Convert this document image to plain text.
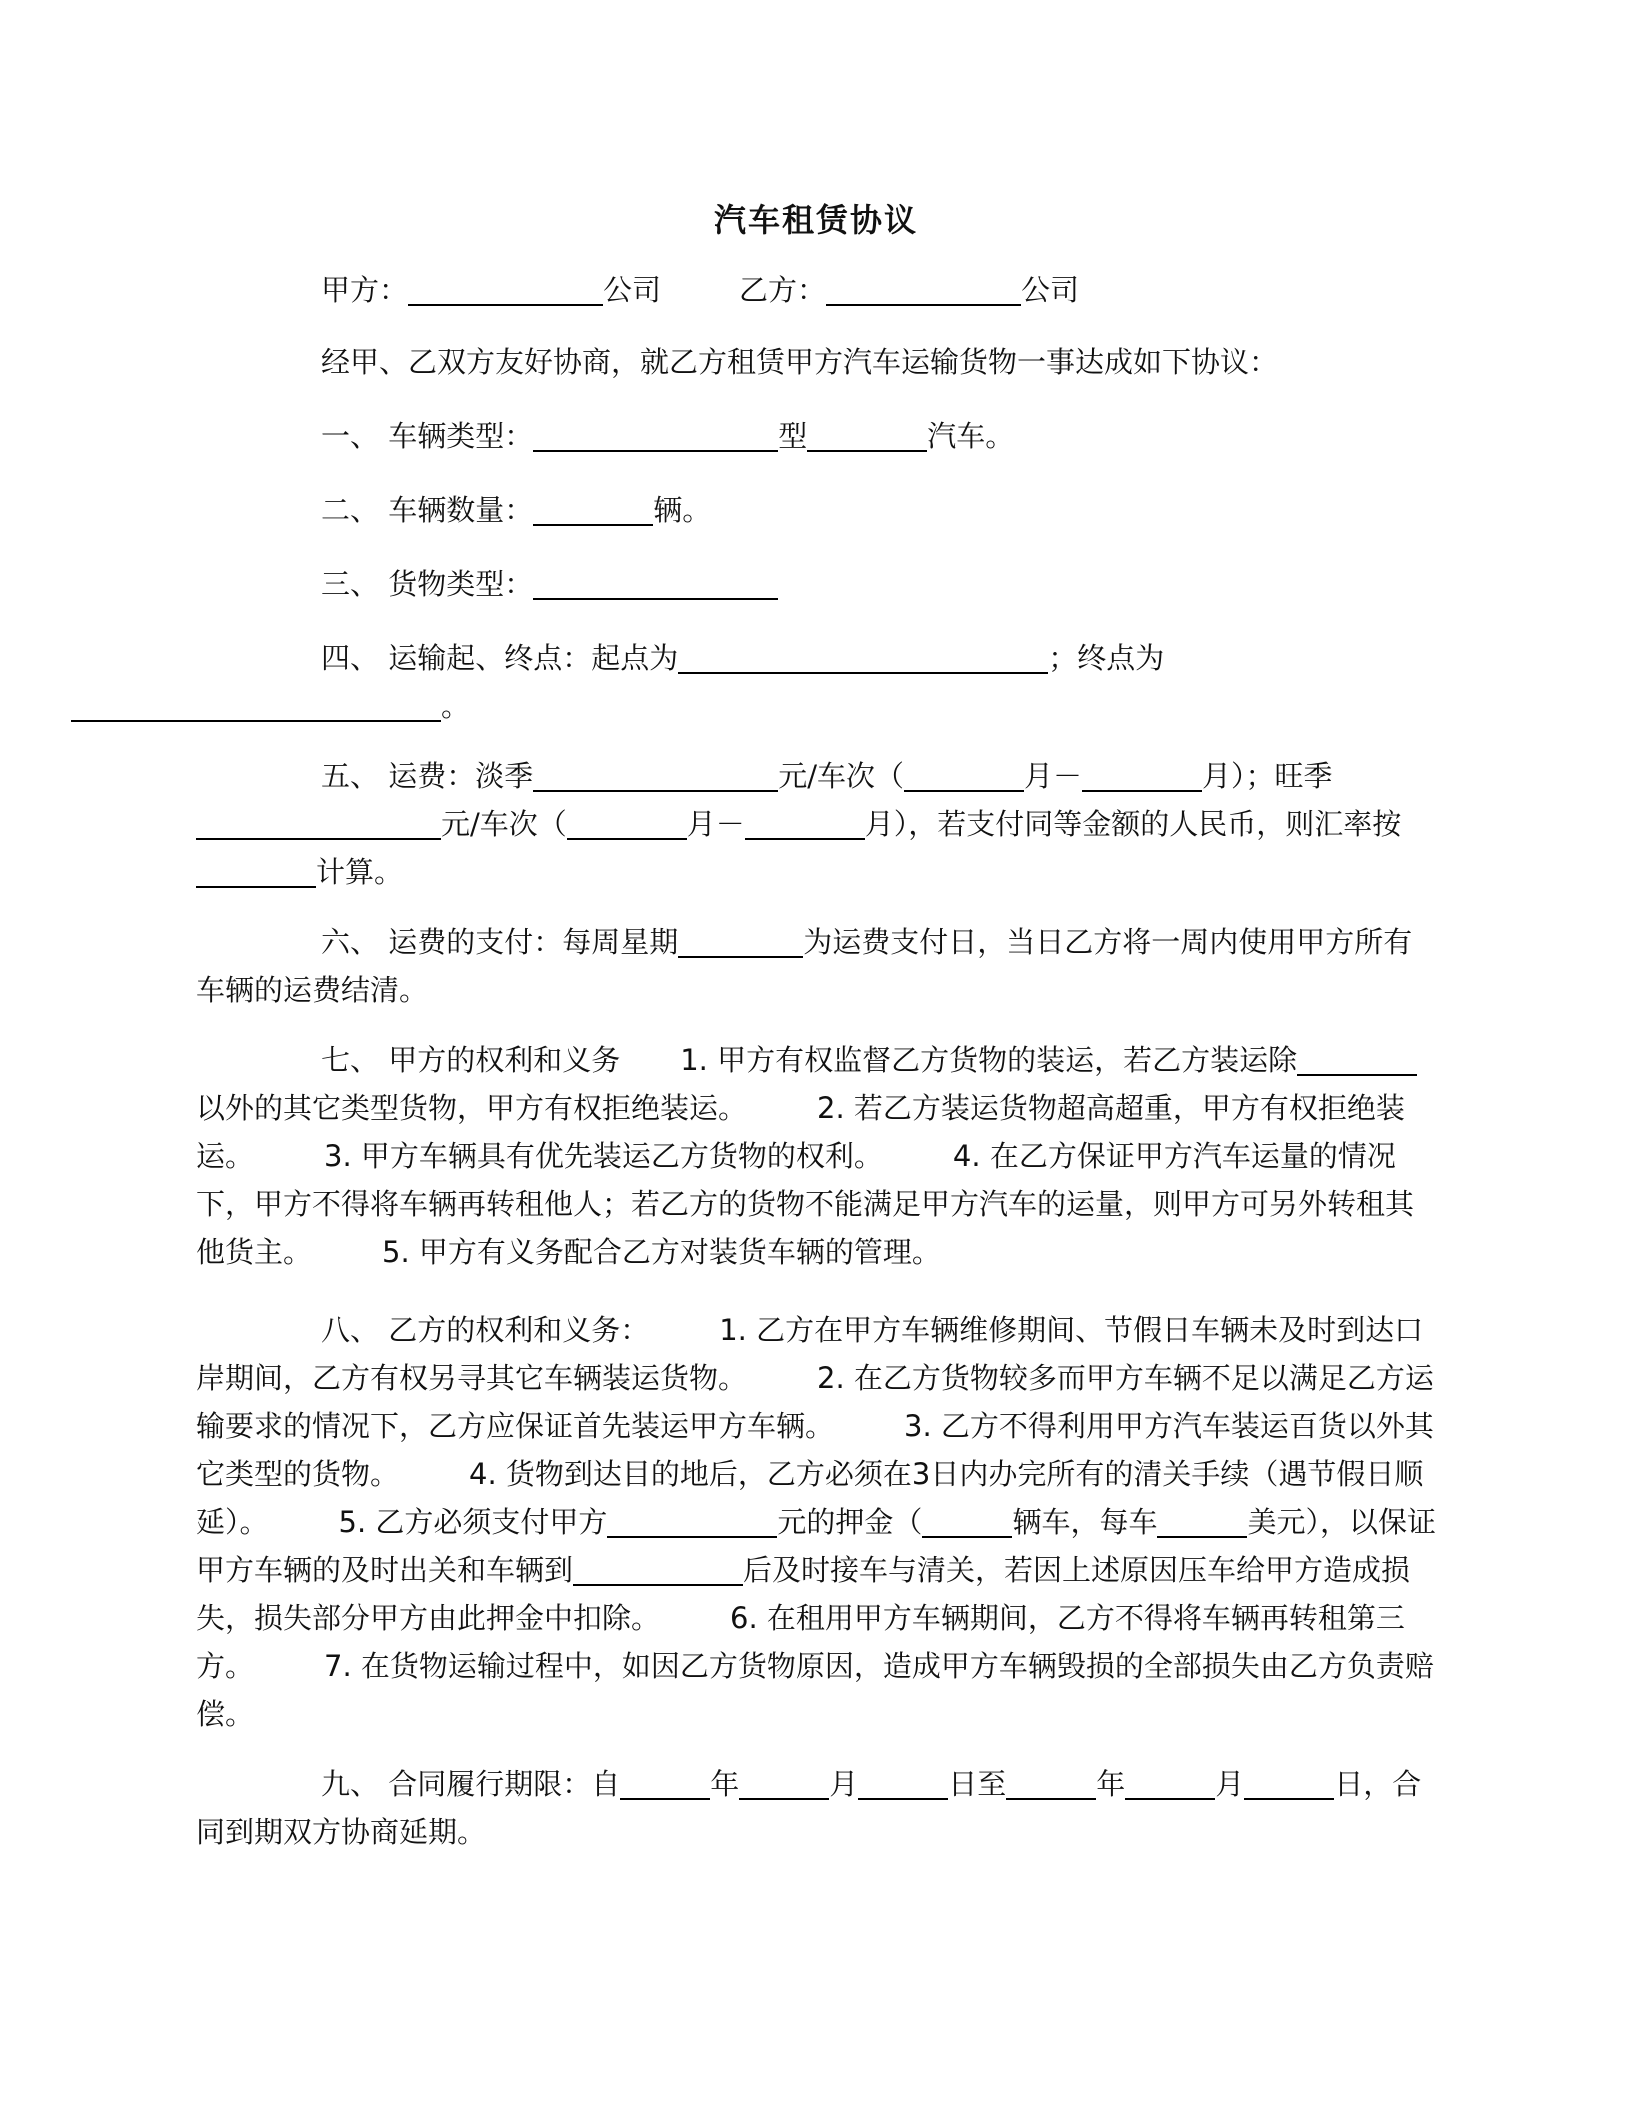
汽车租赁协议
甲方：	公司	乙方：	公司
经甲、乙双方友好协商，就乙方租赁甲方汽车运输货物一事达成如下协议：
一、 车辆类型：	型	汽车。
二、 车辆数量：	辆。
三、 货物类型：
四、 运输起、终点：起点为	；终点为
。
五、 运费：淡季	元/车次（	月－	月）；旺季元/车次（	月－	月），若支付同等金额的人民币，则汇率按计算。
六、 运费的支付：每周星期	为运费支付日，当日乙方将一周内使用甲方所有车辆的运费结清。
七、 甲方的权利和义务 1. 甲方有权监督乙方货物的装运，若乙方装运除以外的其它类型货物，甲方有权拒绝装运。 2. 若乙方装运货物超高超重，甲方有权拒绝装运。 3. 甲方车辆具有优先装运乙方货物的权利。 4. 在乙方保证甲方汽车运量的情况下，甲方不得将车辆再转租他人；若乙方的货物不能满足甲方汽车的运量，则甲方可另外转租其他货主。 5. 甲方有义务配合乙方对装货车辆的管理。
八、 乙方的权利和义务： 1. 乙方在甲方车辆维修期间、节假日车辆未及时到达口岸期间，乙方有权另寻其它车辆装运货物。 2. 在乙方货物较多而甲方车辆不足以满足乙方运输要求的情况下，乙方应保证首先装运甲方车辆。 3. 乙方不得利用甲方汽车装运百货以外其它类型的货物。 4. 货物到达目的地后，乙方必须在3日内办完所有的清关手续（遇节假日顺延）。 5. 乙方必须支付甲方	元的押金（	辆车，每车	美元），以保证甲方车辆的及时出关和车辆到	后及时接车与清关，若因上述原因压车给甲方造成损失，损失部分甲方由此押金中扣除。 6. 在租用甲方车辆期间，乙方不得将车辆再转租第三方。 7. 在货物运输过程中，如因乙方货物原因，造成甲方车辆毁损的全部损失由乙方负责赔偿。
九、 合同履行期限：自	年	月	日至	年	月	日，合同到期双方协商延期。
